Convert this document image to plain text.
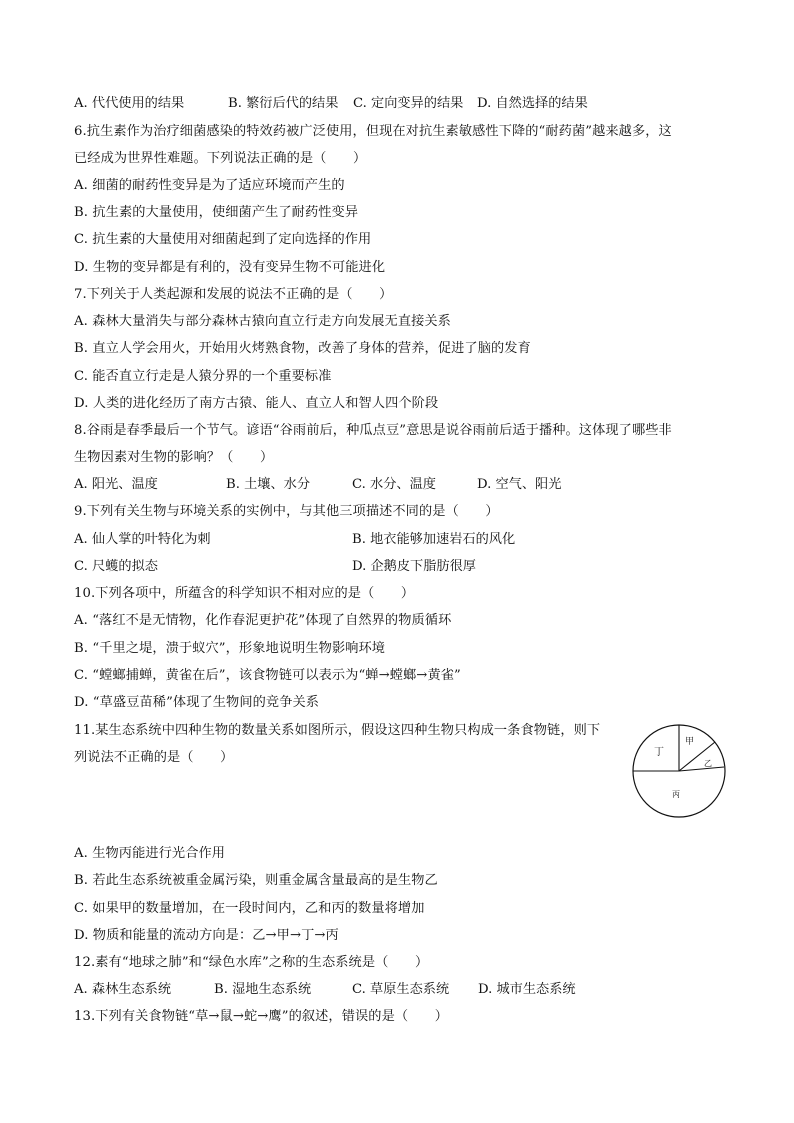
A. 代代使用的结果	B. 繁衍后代的结果 C. 定向变异的结果 D. 自然选择的结果
6.抗生素作为治疗细菌感染的特效药被广泛使用，但现在对抗生素敏感性下降的“耐药菌”越来越多，这
已经成为世界性难题。下列说法正确的是（　　）
A. 细菌的耐药性变异是为了适应环境而产生的
B. 抗生素的大量使用，使细菌产生了耐药性变异
C. 抗生素的大量使用对细菌起到了定向选择的作用
D. 生物的变异都是有利的，没有变异生物不可能进化
7.下列关于人类起源和发展的说法不正确的是（　　）
A. 森林大量消失与部分森林古猿向直立行走方向发展无直接关系
B. 直立人学会用火，开始用火烤熟食物，改善了身体的营养，促进了脑的发育
C. 能否直立行走是人猿分界的一个重要标准
D. 人类的进化经历了南方古猿、能人、直立人和智人四个阶段
8.谷雨是春季最后一个节气。谚语“谷雨前后，种瓜点豆”意思是说谷雨前后适于播种。这体现了哪些非
生物因素对生物的影响？（　　）
A. 阳光、温度	B. 土壤、水分	C. 水分、温度	D. 空气、阳光
9.下列有关生物与环境关系的实例中，与其他三项描述不同的是（　　）
A. 仙人掌的叶特化为刺	B. 地衣能够加速岩石的风化
C. 尺蠖的拟态	D. 企鹅皮下脂肪很厚
10.下列各项中，所蕴含的科学知识不相对应的是（　　）
A. “落红不是无情物，化作春泥更护花”体现了自然界的物质循环
B. “千里之堤，溃于蚁穴”，形象地说明生物影响环境
C. “螳螂捕蝉，黄雀在后”，该食物链可以表示为“蝉→螳螂→黄雀”
D. “草盛豆苗稀”体现了生物间的竞争关系
11.某生态系统中四种生物的数量关系如图所示，假设这四种生物只构成一条食物链，则下
列说法不正确的是（　　）	丁
甲
乙
丙
A. 生物丙能进行光合作用
B. 若此生态系统被重金属污染，则重金属含量最高的是生物乙
C. 如果甲的数量增加，在一段时间内，乙和丙的数量将增加
D. 物质和能量的流动方向是：乙→甲→丁→丙
12.素有“地球之肺”和“绿色水库”之称的生态系统是（　　）
A. 森林生态系统	B. 湿地生态系统	C. 草原生态系统 D. 城市生态系统
13.下列有关食物链“草→鼠→蛇→鹰”的叙述，错误的是（　　）
